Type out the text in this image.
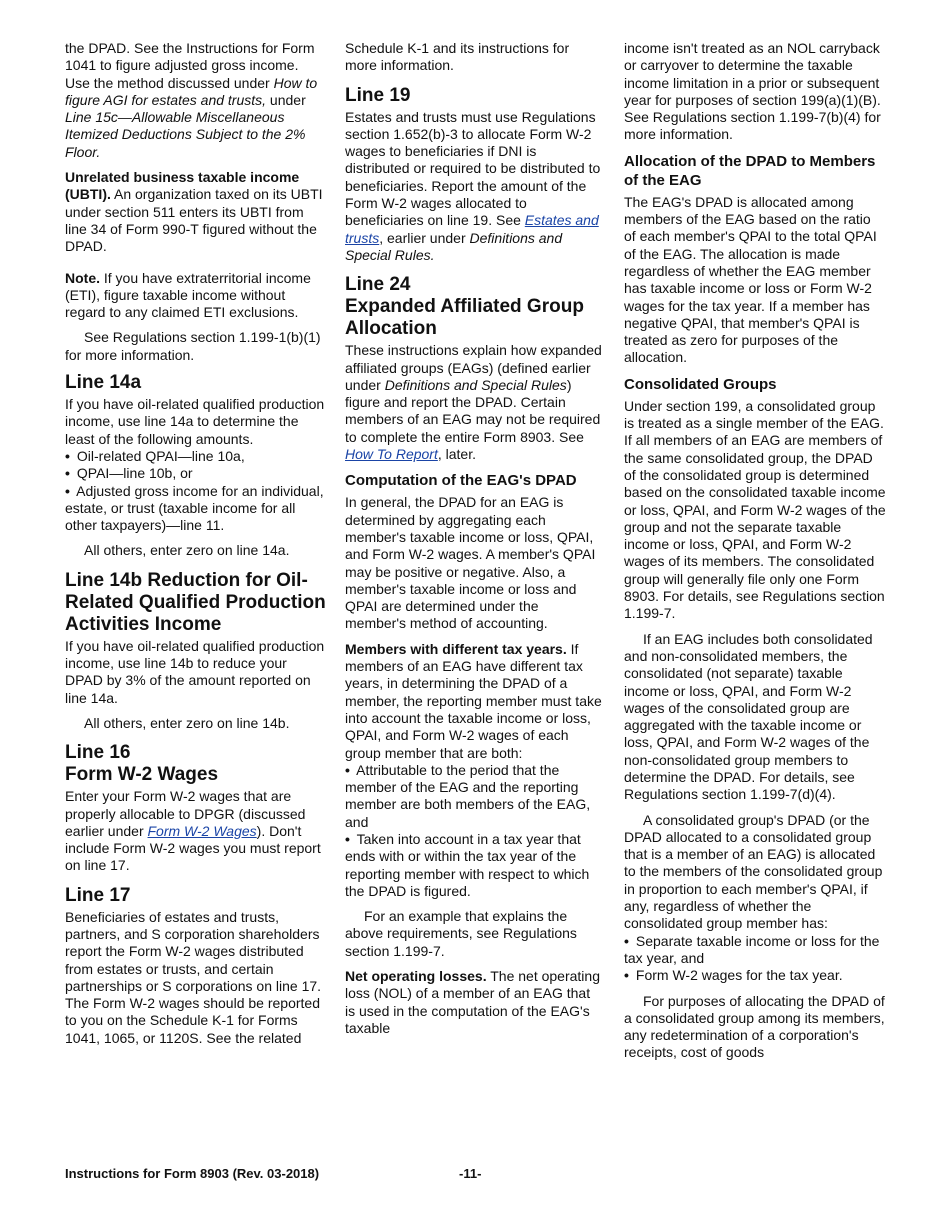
the DPAD. See the Instructions for Form 1041 to figure adjusted gross income. Use the method discussed under How to figure AGI for estates and trusts, under Line 15c—Allowable Miscellaneous Itemized Deductions Subject to the 2% Floor.

Unrelated business taxable income (UBTI). An organization taxed on its UBTI under section 511 enters its UBTI from line 34 of Form 990-T figured without the DPAD.

Note. If you have extraterritorial income (ETI), figure taxable income without regard to any claimed ETI exclusions.

See Regulations section 1.199-1(b)(1) for more information.

Line 14a

If you have oil-related qualified production income, use line 14a to determine the least of the following amounts.

• Oil-related QPAI—line 10a,
• QPAI—line 10b, or
• Adjusted gross income for an individual, estate, or trust (taxable income for all other taxpayers)—line 11.

All others, enter zero on line 14a.

Line 14b Reduction for Oil-Related Qualified Production Activities Income

If you have oil-related qualified production income, use line 14b to reduce your DPAD by 3% of the amount reported on line 14a.

All others, enter zero on line 14b.

Line 16
Form W-2 Wages

Enter your Form W-2 wages that are properly allocable to DPGR (discussed earlier under Form W-2 Wages). Don't include Form W-2 wages you must report on line 17.

Line 17

Beneficiaries of estates and trusts, partners, and S corporation shareholders report the Form W-2 wages distributed from estates or trusts, and certain partnerships or S corporations on line 17. The Form W-2 wages should be reported to you on the Schedule K-1 for Forms 1041, 1065, or 1120S. See the related

Schedule K-1 and its instructions for more information.

Line 19

Estates and trusts must use Regulations section 1.652(b)-3 to allocate Form W-2 wages to beneficiaries if DNI is distributed or required to be distributed to beneficiaries. Report the amount of the Form W-2 wages allocated to beneficiaries on line 19. See Estates and trusts, earlier under Definitions and Special Rules.

Line 24
Expanded Affiliated Group Allocation

These instructions explain how expanded affiliated groups (EAGs) (defined earlier under Definitions and Special Rules) figure and report the DPAD. Certain members of an EAG may not be required to complete the entire Form 8903. See How To Report, later.

Computation of the EAG's DPAD

In general, the DPAD for an EAG is determined by aggregating each member's taxable income or loss, QPAI, and Form W-2 wages. A member's QPAI may be positive or negative. Also, a member's taxable income or loss and QPAI are determined under the member's method of accounting.

Members with different tax years. If members of an EAG have different tax years, in determining the DPAD of a member, the reporting member must take into account the taxable income or loss, QPAI, and Form W-2 wages of each group member that are both:

• Attributable to the period that the member of the EAG and the reporting member are both members of the EAG, and
• Taken into account in a tax year that ends with or within the tax year of the reporting member with respect to which the DPAD is figured.

For an example that explains the above requirements, see Regulations section 1.199-7.

Net operating losses. The net operating loss (NOL) of a member of an EAG that is used in the computation of the EAG's taxable

income isn't treated as an NOL carryback or carryover to determine the taxable income limitation in a prior or subsequent year for purposes of section 199(a)(1)(B). See Regulations section 1.199-7(b)(4) for more information.

Allocation of the DPAD to Members of the EAG

The EAG's DPAD is allocated among members of the EAG based on the ratio of each member's QPAI to the total QPAI of the EAG. The allocation is made regardless of whether the EAG member has taxable income or loss or Form W-2 wages for the tax year. If a member has negative QPAI, that member's QPAI is treated as zero for purposes of the allocation.

Consolidated Groups

Under section 199, a consolidated group is treated as a single member of the EAG. If all members of an EAG are members of the same consolidated group, the DPAD of the consolidated group is determined based on the consolidated taxable income or loss, QPAI, and Form W-2 wages of the group and not the separate taxable income or loss, QPAI, and Form W-2 wages of its members. The consolidated group will generally file only one Form 8903. For details, see Regulations section 1.199-7.

If an EAG includes both consolidated and non-consolidated members, the consolidated (not separate) taxable income or loss, QPAI, and Form W-2 wages of the consolidated group are aggregated with the taxable income or loss, QPAI, and Form W-2 wages of the non-consolidated group members to determine the DPAD. For details, see Regulations section 1.199-7(d)(4).

A consolidated group's DPAD (or the DPAD allocated to a consolidated group that is a member of an EAG) is allocated to the members of the consolidated group in proportion to each member's QPAI, if any, regardless of whether the consolidated group member has:

• Separate taxable income or loss for the tax year, and
• Form W-2 wages for the tax year.

For purposes of allocating the DPAD of a consolidated group among its members, any redetermination of a corporation's receipts, cost of goods

Instructions for Form 8903 (Rev. 03-2018)	-11-
